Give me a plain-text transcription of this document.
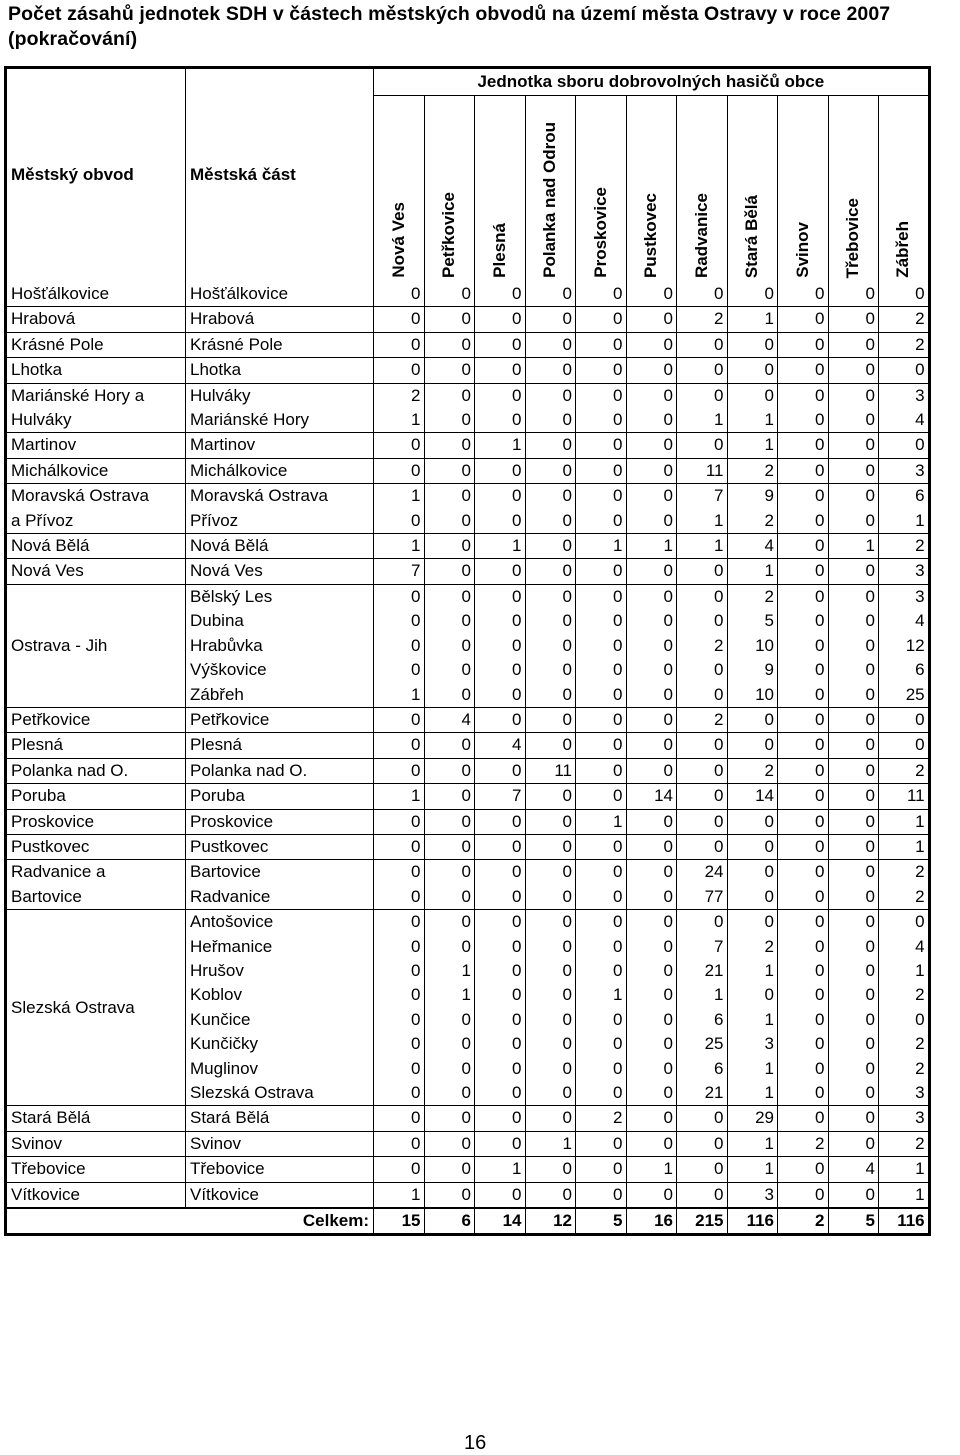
Počet zásahů jednotek SDH v částech městských obvodů na území města Ostravy v roce 2007 (pokračování)
Městský obvod	Městská část	Jednotka sboru dobrovolných hasičů obce										

		Nová Ves	Petřkovice	Plesná	Polanka nad Odrou	Proskovice	Pustkovec	Radvanice	Stará Bělá	Svinov	Třebovice	Zábřeh

Hošťálkovice	Hošťálkovice	0	0	0	0	0	0	0	0	0	0	0

Hrabová	Hrabová	0	0	0	0	0	0	2	1	0	0	2

Krásné Pole	Krásné Pole	0	0	0	0	0	0	0	0	0	0	2

Lhotka	Lhotka	0	0	0	0	0	0	0	0	0	0	0

Mariánské Hory a
Hulváky	Hulváky	2	0	0	0	0	0	0	0	0	0	3
	Mariánské Hory	1	0	0	0	0	0	1	1	0	0	4

Martinov	Martinov	0	0	1	0	0	0	0	1	0	0	0

Michálkovice	Michálkovice	0	0	0	0	0	0	11	2	0	0	3

Moravská Ostrava
a Přívoz	Moravská Ostrava	1	0	0	0	0	0	7	9	0	0	6
	Přívoz	0	0	0	0	0	0	1	2	0	0	1

Nová Bělá	Nová Bělá	1	0	1	0	1	1	1	4	0	1	2

Nová Ves	Nová Ves	7	0	0	0	0	0	0	1	0	0	3

Ostrava - Jih	Bělský Les	0	0	0	0	0	0	0	2	0	0	3
	Dubina	0	0	0	0	0	0	0	5	0	0	4
	Hrabůvka	0	0	0	0	0	0	2	10	0	0	12
	Výškovice	0	0	0	0	0	0	0	9	0	0	6
	Zábřeh	1	0	0	0	0	0	0	10	0	0	25

Petřkovice	Petřkovice	0	4	0	0	0	0	2	0	0	0	0

Plesná	Plesná	0	0	4	0	0	0	0	0	0	0	0

Polanka nad O.	Polanka nad O.	0	0	0	11	0	0	0	2	0	0	2

Poruba	Poruba	1	0	7	0	0	14	0	14	0	0	11

Proskovice	Proskovice	0	0	0	0	1	0	0	0	0	0	1

Pustkovec	Pustkovec	0	0	0	0	0	0	0	0	0	0	1

Radvanice a
Bartovice	Bartovice	0	0	0	0	0	0	24	0	0	0	2
	Radvanice	0	0	0	0	0	0	77	0	0	0	2

Slezská Ostrava	Antošovice	0	0	0	0	0	0	0	0	0	0	0
	Heřmanice	0	0	0	0	0	0	7	2	0	0	4
	Hrušov	0	1	0	0	0	0	21	1	0	0	1
	Koblov	0	1	0	0	1	0	1	0	0	0	2
	Kunčice	0	0	0	0	0	0	6	1	0	0	0
	Kunčičky	0	0	0	0	0	0	25	3	0	0	2
	Muglinov	0	0	0	0	0	0	6	1	0	0	2
	Slezská Ostrava	0	0	0	0	0	0	21	1	0	0	3

Stará Bělá	Stará Bělá	0	0	0	0	2	0	0	29	0	0	3

Svinov	Svinov	0	0	0	1	0	0	0	1	2	0	2

Třebovice	Třebovice	0	0	1	0	0	1	0	1	0	4	1

Vítkovice	Vítkovice	1	0	0	0	0	0	0	3	0	0	1
Celkem:		15	6	14	12	5	16	215	116	2	5	116
16
